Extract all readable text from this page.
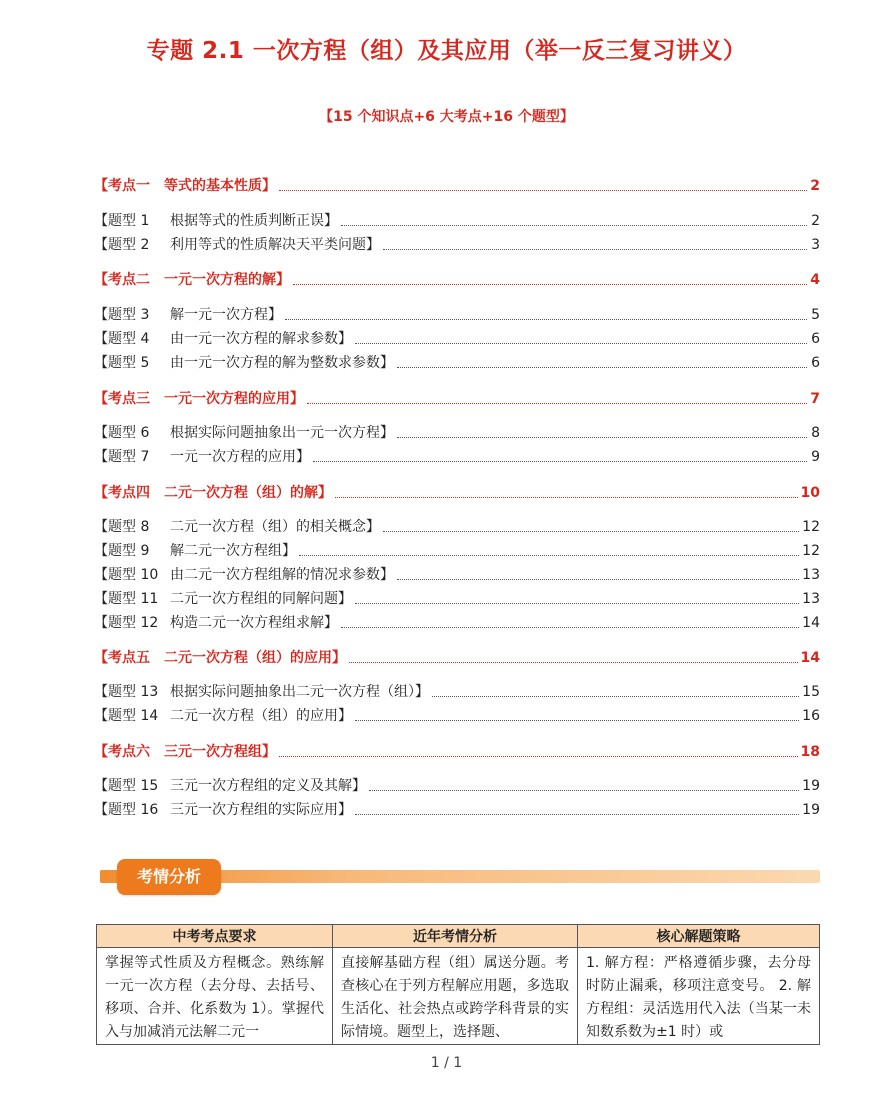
专题 2.1 一次方程（组）及其应用（举一反三复习讲义）
【15 个知识点+6 大考点+16 个题型】
【考点一	等式的基本性质】	2
【题型 1	根据等式的性质判断正误】	2
【题型 2	利用等式的性质解决天平类问题】	3
【考点二	一元一次方程的解】	4
【题型 3	解一元一次方程】	5
【题型 4	由一元一次方程的解求参数】	6
【题型 5	由一元一次方程的解为整数求参数】	6
【考点三	一元一次方程的应用】	7
【题型 6	根据实际问题抽象出一元一次方程】	8
【题型 7	一元一次方程的应用】	9
【考点四	二元一次方程（组）的解】	10
【题型 8	二元一次方程（组）的相关概念】	12
【题型 9	解二元一次方程组】	12
【题型 10 由二元一次方程组解的情况求参数】	13
【题型 11 二元一次方程组的同解问题】	13
【题型 12 构造二元一次方程组求解】	14
【考点五	二元一次方程（组）的应用】	14
【题型 13 根据实际问题抽象出二元一次方程（组）】	15
【题型 14 二元一次方程（组）的应用】	16
【考点六	三元一次方程组】	18
【题型 15 三元一次方程组的定义及其解】	19
【题型 16 三元一次方程组的实际应用】	19
考情分析
中考考点要求	近年考情分析	核心解题策略

掌握等式性质及方程概念。熟练解一元一次方程（去分母、去括号、移项、合并、化系数为 1）。掌握代入与加减消元法解二元一	直接解基础方程（组）属送分题。考查核心在于列方程解应用题，多选取生活化、社会热点或跨学科背景的实际情境。题型上，选择题、	1. 解方程：严格遵循步骤，去分母时防止漏乘，移项注意变号。 2. 解方程组：灵活选用代入法（当某一未知数系数为±1 时）或
1 / 1
